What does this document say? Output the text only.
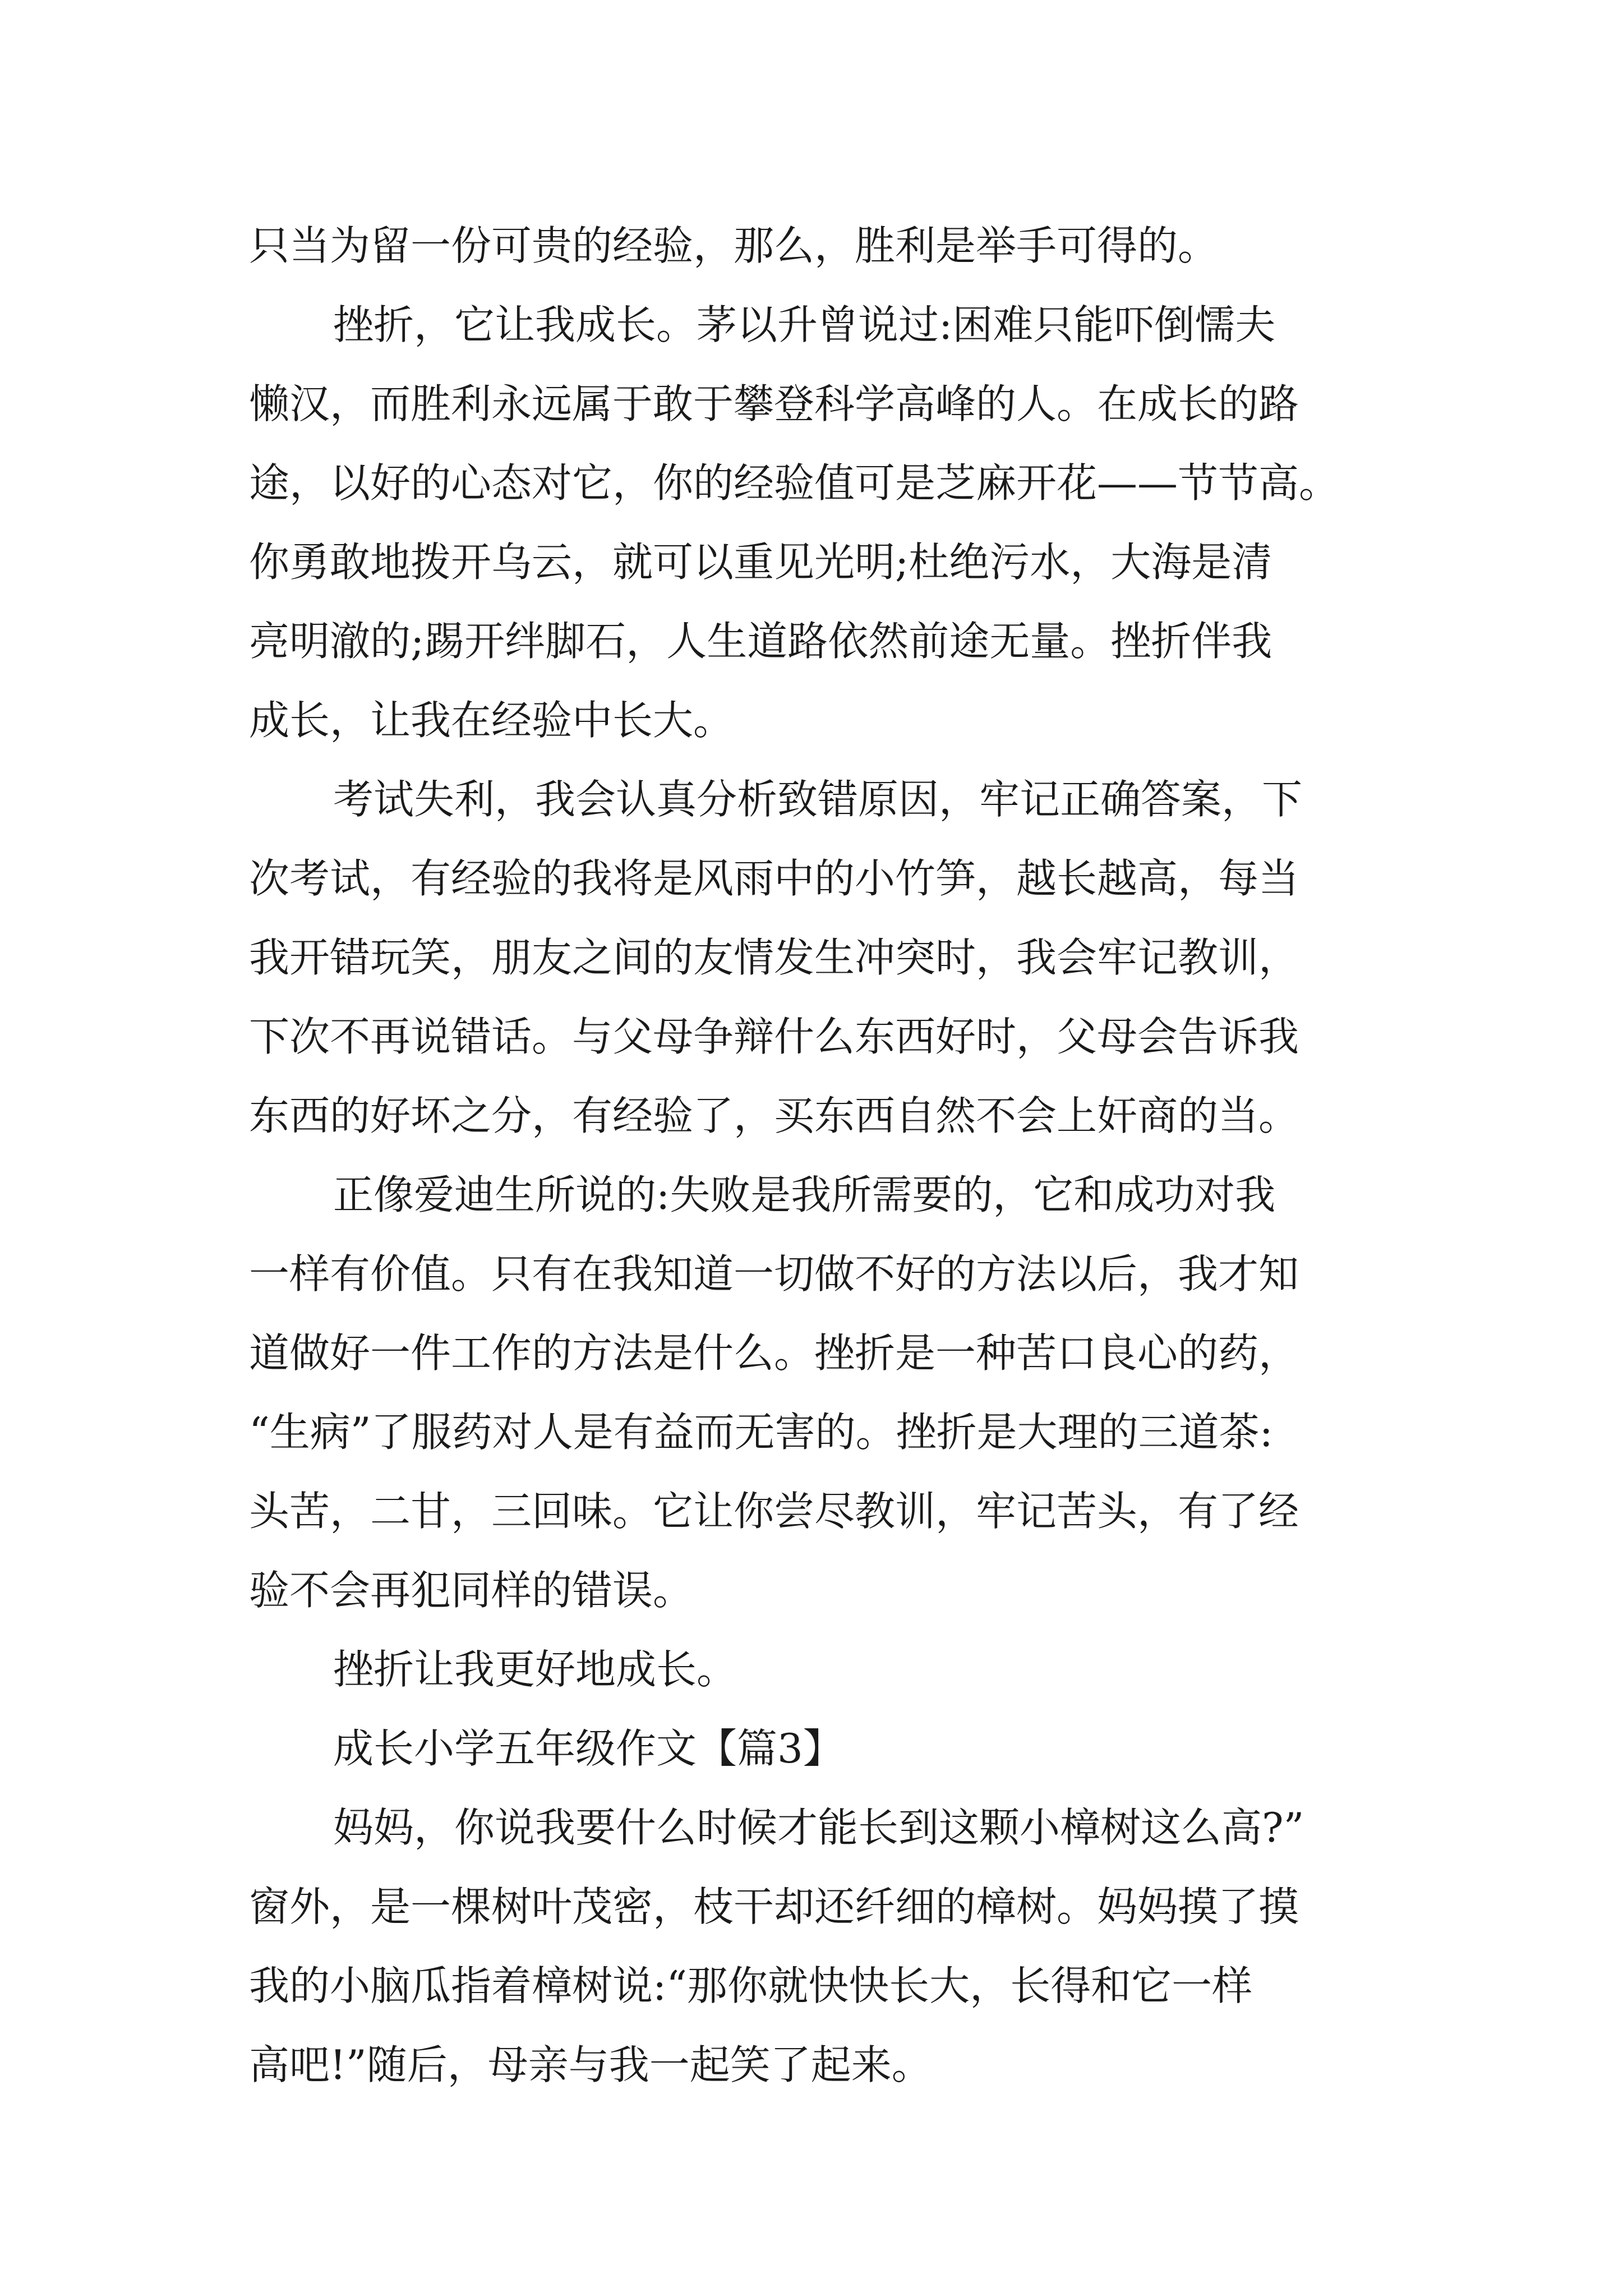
只当为留一份可贵的经验，那么，胜利是举手可得的。
挫折，它让我成长。茅以升曾说过:困难只能吓倒懦夫
懒汉，而胜利永远属于敢于攀登科学高峰的人。在成长的路
途，以好的心态对它，你的经验值可是芝麻开花——节节高。
你勇敢地拨开乌云，就可以重见光明;杜绝污水，大海是清
亮明澈的;踢开绊脚石，人生道路依然前途无量。挫折伴我
成长，让我在经验中长大。
考试失利，我会认真分析致错原因，牢记正确答案，下
次考试，有经验的我将是风雨中的小竹笋，越长越高，每当
我开错玩笑，朋友之间的友情发生冲突时，我会牢记教训，
下次不再说错话。与父母争辩什么东西好时，父母会告诉我
东西的好坏之分，有经验了，买东西自然不会上奸商的当。
正像爱迪生所说的:失败是我所需要的，它和成功对我
一样有价值。只有在我知道一切做不好的方法以后，我才知
道做好一件工作的方法是什么。挫折是一种苦口良心的药，
“生病”了服药对人是有益而无害的。挫折是大理的三道茶:
头苦，二甘，三回味。它让你尝尽教训，牢记苦头，有了经
验不会再犯同样的错误。
挫折让我更好地成长。
成长小学五年级作文【篇3】
妈妈，你说我要什么时候才能长到这颗小樟树这么高?”
窗外，是一棵树叶茂密，枝干却还纤细的樟树。妈妈摸了摸
我的小脑瓜指着樟树说:“那你就快快长大，长得和它一样
高吧!”随后，母亲与我一起笑了起来。
